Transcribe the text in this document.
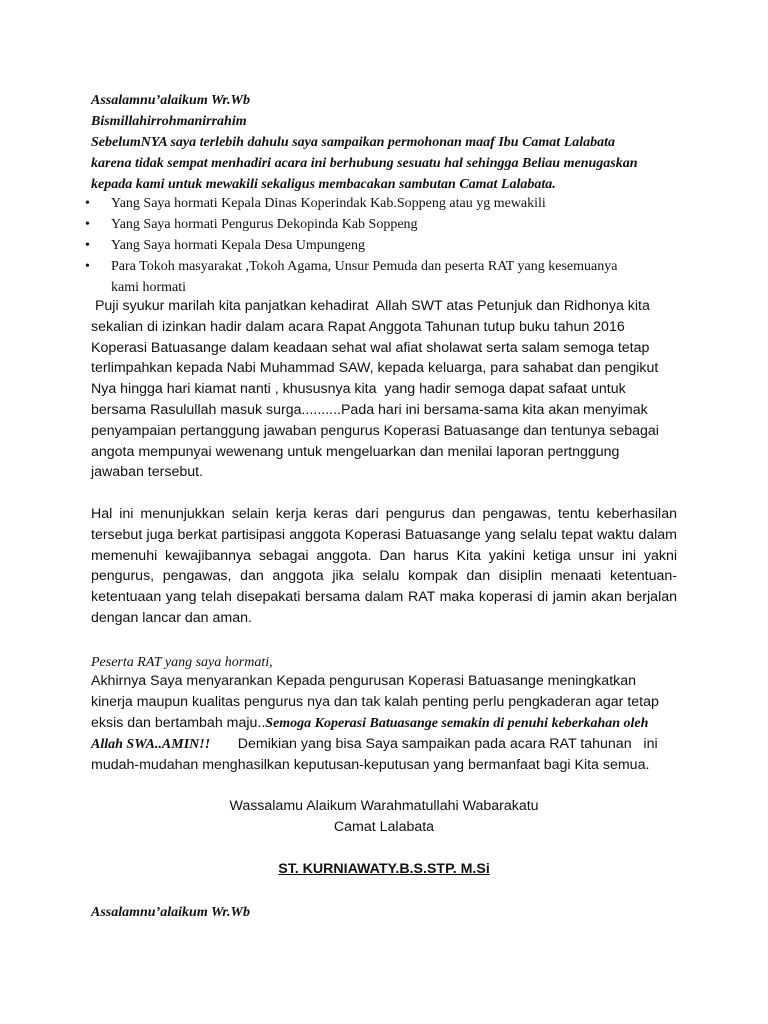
Assalamnu’alaikum Wr.Wb
Bismillahirrohmanirrahim
SebelumNYA saya terlebih dahulu saya sampaikan permohonan maaf Ibu Camat Lalabata
karena tidak sempat menhadiri acara ini berhubung sesuatu hal sehingga Beliau menugaskan
kepada kami untuk mewakili sekaligus membacakan sambutan Camat Lalabata.
• Yang Saya hormati Kepala Dinas Koperindak Kab.Soppeng atau yg mewakili
• Yang Saya hormati Pengurus Dekopinda Kab Soppeng
• Yang Saya hormati Kepala Desa Umpungeng
• Para Tokoh masyarakat ,Tokoh Agama, Unsur Pemuda dan peserta RAT yang kesemuanya
kami hormati
Puji syukur marilah kita panjatkan kehadirat  Allah SWT atas Petunjuk dan Ridhonya kita
sekalian di izinkan hadir dalam acara Rapat Anggota Tahunan tutup buku tahun 2016
Koperasi Batuasange dalam keadaan sehat wal afiat sholawat serta salam semoga tetap
terlimpahkan kepada Nabi Muhammad SAW, kepada keluarga, para sahabat dan pengikut
Nya hingga hari kiamat nanti , khususnya kita  yang hadir semoga dapat safaat untuk
bersama Rasulullah masuk surga..........Pada hari ini bersama-sama kita akan menyimak
penyampaian pertanggung jawaban pengurus Koperasi Batuasange dan tentunya sebagai
angota mempunyai wewenang untuk mengeluarkan dan menilai laporan pertnggung
jawaban tersebut.
Hal ini menunjukkan selain kerja keras dari pengurus dan pengawas, tentu keberhasilan
tersebut juga berkat partisipasi anggota Koperasi Batuasange yang selalu tepat waktu dalam
memenuhi kewajibannya sebagai anggota. Dan harus Kita yakini ketiga unsur ini yakni
pengurus, pengawas, dan anggota jika selalu kompak dan disiplin menaati ketentuan-
ketentuaan yang telah disepakati bersama dalam RAT maka koperasi di jamin akan berjalan
dengan lancar dan aman.
Peserta RAT yang saya hormati,
Akhirnya Saya menyarankan Kepada pengurusan Koperasi Batuasange meningkatkan
kinerja maupun kualitas pengurus nya dan tak kalah penting perlu pengkaderan agar tetap
eksis dan bertambah maju..Semoga Koperasi Batuasange semakin di penuhi keberkahan oleh
Allah SWA..AMIN!!       Demikian yang bisa Saya sampaikan pada acara RAT tahunan   ini
mudah-mudahan menghasilkan keputusan-keputusan yang bermanfaat bagi Kita semua.
Wassalamu Alaikum Warahmatullahi Wabarakatu
Camat Lalabata
ST. KURNIAWATY.B.S.STP. M.Si
Assalamnu’alaikum Wr.Wb
